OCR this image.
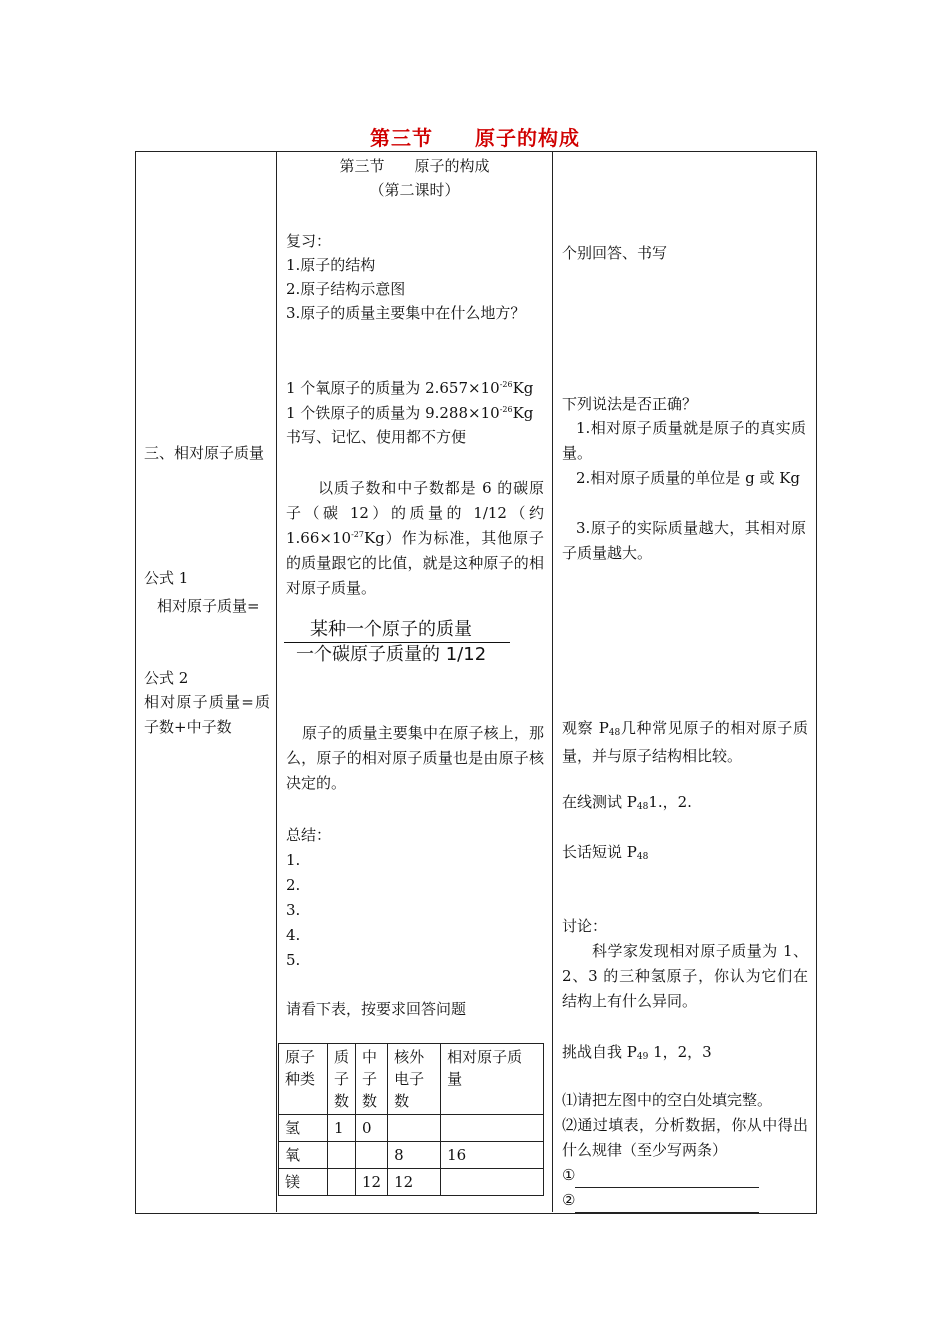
第三节　　原子的构成
三、相对原子质量
公式 1
相对原子质量=
公式 2
相对原子质量=质子数+中子数
第三节　　原子的构成
（第二课时）
复习：
1.原子的结构
2.原子结构示意图
3.原子的质量主要集中在什么地方？
1 个氧原子的质量为 $2.657\times 10^{-26}Kg$
1 个铁原子的质量为 $9.288\times 10^{-26}Kg$
书写、记忆、使用都不方便
以质子数和中子数都是 6 的碳原子（碳 12）的质量的 1/12（约 $1.66\times 10^{-27}Kg$）作为标准，其他原子的质量跟它的比值，就是这种原子的相对原子质量。
某种一个原子的质量
一个碳原子质量的 1/12
原子的质量主要集中在原子核上，那么，原子的相对原子质量也是由原子核决定的。
总结：
1.
2.
3.
4.
5.
请看下表，按要求回答问题
原子种类	质子数	中子数	核外电子数	相对原子质量
氢	1	0		
氧			8	16
镁		12	12	
个别回答、书写
下列说法是否正确？
1.相对原子质量就是原子的真实质量。
2.相对原子质量的单位是 g 或 Kg
3.原子的实际质量越大，其相对原子质量越大。
观察 $P_{48}$几种常见原子的相对原子质量，并与原子结构相比较。
在线测试 $P_{48}1$.，2.
长话短说 $P_{48}$
讨论：
科学家发现相对原子质量为 1、2、3 的三种氢原子，你认为它们在结构上有什么异同。
挑战自我 $P_{49}$ 1，2，3
⑴请把左图中的空白处填完整。
⑵通过填表，分析数据，你从中得出什么规律（至少写两条）
①
②
